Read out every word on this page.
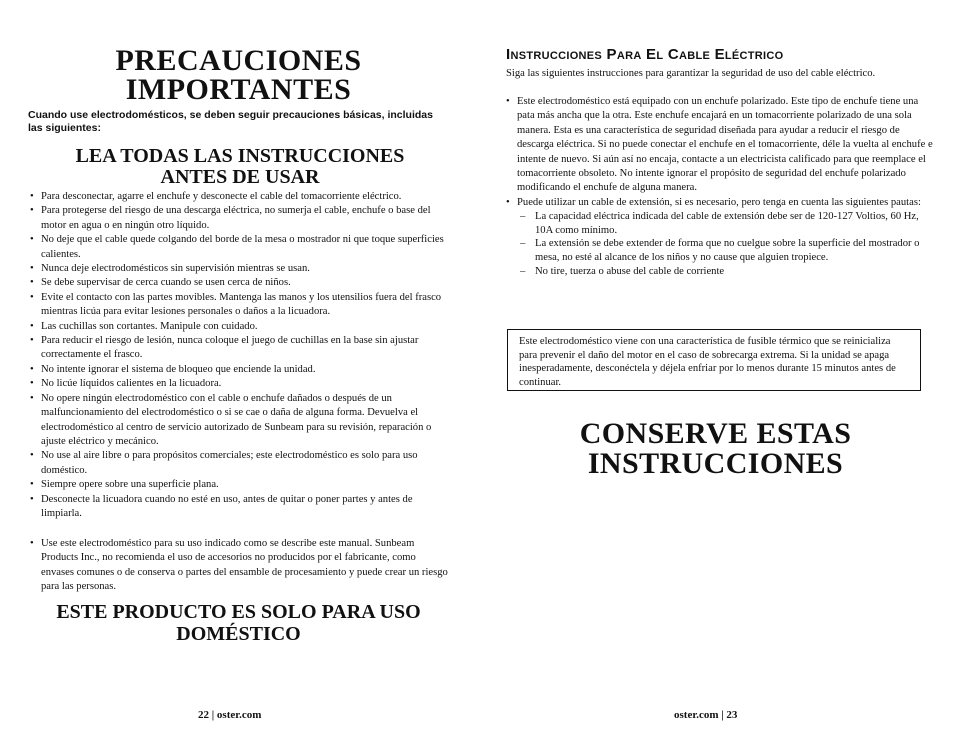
PRECAUCIONES
IMPORTANTES

Cuando use electrodomésticos, se deben seguir precauciones básicas, incluidas las siguientes:

LEA TODAS LAS INSTRUCCIONES
ANTES DE USAR
• Para desconectar, agarre el enchufe y desconecte el cable del tomacorriente eléctrico.
• Para protegerse del riesgo de una descarga eléctrica, no sumerja el cable, enchufe o base del motor en agua o en ningún otro líquido.
• No deje que el cable quede colgando del borde de la mesa o mostrador ni que toque superficies calientes.
• Nunca deje electrodomésticos sin supervisión mientras se usan.
• Se debe supervisar de cerca cuando se usen cerca de niños.
• Evite el contacto con las partes movibles. Mantenga las manos y los utensilios fuera del frasco mientras licúa para evitar lesiones personales o daños a la licuadora.
• Las cuchillas son cortantes. Manipule con cuidado.
• Para reducir el riesgo de lesión, nunca coloque el juego de cuchillas en la base sin ajustar correctamente el frasco.
• No intente ignorar el sistema de bloqueo que enciende la unidad.
• No licúe líquidos calientes en la licuadora.
• No opere ningún electrodoméstico con el cable o enchufe dañados o después de un malfuncionamiento del electrodoméstico o si se cae o daña de alguna forma. Devuelva el electrodoméstico al centro de servicio autorizado de Sunbeam para su revisión, reparación o ajuste eléctrico y mecánico.
• No use al aire libre o para propósitos comerciales; este electrodoméstico es solo para uso doméstico.
• Siempre opere sobre una superficie plana.
• Desconecte la licuadora cuando no esté en uso, antes de quitar o poner partes y antes de limpiarla.
• Use este electrodoméstico para su uso indicado como se describe este manual. Sunbeam Products Inc., no recomienda el uso de accesorios no producidos por el fabricante, como envases comunes o de conserva o partes del ensamble de procesamiento y puede crear un riesgo para las personas.
ESTE PRODUCTO ES SOLO PARA USO
DOMÉSTICO
22 | oster.com
Instrucciones Para El Cable Eléctrico

Siga las siguientes instrucciones para garantizar la seguridad de uso del cable eléctrico.

• Este electrodoméstico está equipado con un enchufe polarizado. Este tipo de enchufe tiene una pata más ancha que la otra. Este enchufe encajará en un tomacorriente polarizado de una sola manera. Esta es una característica de seguridad diseñada para ayudar a reducir el riesgo de descarga eléctrica. Si no puede conectar el enchufe en el tomacorriente, déle la vuelta al enchufe e intente de nuevo. Si aún así no encaja, contacte a un electricista calificado para que reemplace el tomacorriente obsoleto. No intente ignorar el propósito de seguridad del enchufe polarizado modificando el enchufe de alguna manera.
• Puede utilizar un cable de extensión, si es necesario, pero tenga en cuenta las siguientes pautas:
– La capacidad eléctrica indicada del cable de extensión debe ser de 120-127 Voltios, 60 Hz, 10A como mínimo.
– La extensión se debe extender de forma que no cuelgue sobre la superficie del mostrador o mesa, no esté al alcance de los niños y no cause que alguien tropiece.
– No tire, tuerza o abuse del cable de corriente
Este electrodoméstico viene con una característica de fusible térmico que se reinicializa para prevenir el daño del motor en el caso de sobrecarga extrema. Si la unidad se apaga inesperadamente, desconéctela y déjela enfriar por lo menos durante 15 minutos antes de continuar.
CONSERVE ESTAS
INSTRUCCIONES
oster.com | 23
